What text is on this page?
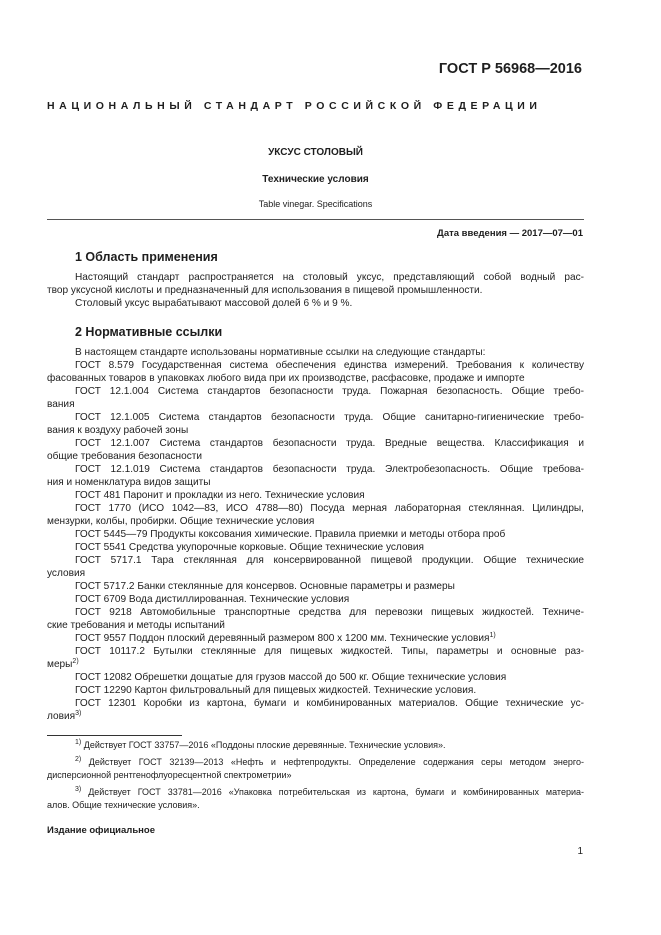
ГОСТ Р 56968—2016
НАЦИОНАЛЬНЫЙ СТАНДАРТ РОССИЙСКОЙ ФЕДЕРАЦИИ
УКСУС СТОЛОВЫЙ
Технические условия
Table vinegar. Specifications
Дата введения — 2017—07—01
1 Область применения
Настоящий стандарт распространяется на столовый уксус, представляющий собой водный рас-
твор уксусной кислоты и предназначенный для использования в пищевой промышленности.
Столовый уксус вырабатывают массовой долей 6 % и 9 %.
2 Нормативные ссылки
В настоящем стандарте использованы нормативные ссылки на следующие стандарты:
ГОСТ 8.579 Государственная система обеспечения единства измерений. Требования к количеству
фасованных товаров в упаковках любого вида при их производстве, расфасовке, продаже и импорте
ГОСТ 12.1.004 Система стандартов безопасности труда. Пожарная безопасность. Общие требо-
вания
ГОСТ 12.1.005 Система стандартов безопасности труда. Общие санитарно-гигиенические требо-
вания к воздуху рабочей зоны
ГОСТ 12.1.007 Система стандартов безопасности труда. Вредные вещества. Классификация и
общие требования безопасности
ГОСТ 12.1.019 Система стандартов безопасности труда. Электробезопасность. Общие требова-
ния и номенклатура видов защиты
ГОСТ 481 Паронит и прокладки из него. Технические условия
ГОСТ 1770 (ИСО 1042—83, ИСО 4788—80) Посуда мерная лабораторная стеклянная. Цилиндры,
мензурки, колбы, пробирки. Общие технические условия
ГОСТ 5445—79 Продукты коксования химические. Правила приемки и методы отбора проб
ГОСТ 5541 Средства укупорочные корковые. Общие технические условия
ГОСТ 5717.1 Тара стеклянная для консервированной пищевой продукции. Общие технические
условия
ГОСТ 5717.2 Банки стеклянные для консервов. Основные параметры и размеры
ГОСТ 6709 Вода дистиллированная. Технические условия
ГОСТ 9218 Автомобильные транспортные средства для перевозки пищевых жидкостей. Техниче-
ские требования и методы испытаний
ГОСТ 9557 Поддон плоский деревянный размером 800 х 1200 мм. Технические условия$^{1)}$
ГОСТ 10117.2 Бутылки стеклянные для пищевых жидкостей. Типы, параметры и основные раз-
меры$^{2)}$
ГОСТ 12082 Обрешетки дощатые для грузов массой до 500 кг. Общие технические условия
ГОСТ 12290 Картон фильтровальный для пищевых жидкостей. Технические условия.
ГОСТ 12301 Коробки из картона, бумаги и комбинированных материалов. Общие технические ус-
ловия$^{3)}$
$^{1)}$ Действует ГОСТ 33757—2016 «Поддоны плоские деревянные. Технические условия».
$^{2)}$ Действует ГОСТ 32139—2013 «Нефть и нефтепродукты. Определение содержания серы методом энерго-
дисперсионной рентгенофлуоресцентной спектрометрии»
$^{3)}$ Действует ГОСТ 33781—2016 «Упаковка потребительская из картона, бумаги и комбинированных материа-
алов. Общие технические условия».
Издание официальное
1
